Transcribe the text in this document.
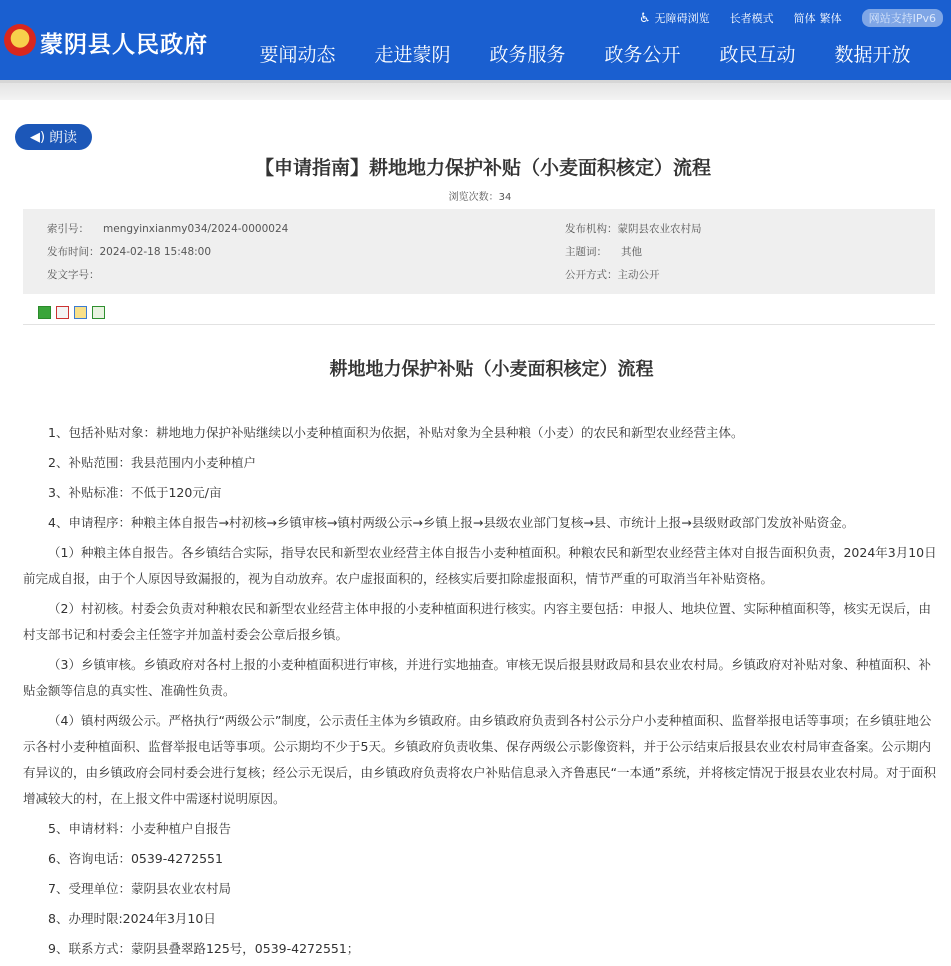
蒙阴县人民政府
♿ 无障碍浏览 长者模式 简体 繁体	网站支持IPv6
要闻动态	走进蒙阴	政务服务	政务公开	政民互动	数据开放
◀) 朗读
【申请指南】耕地地力保护补贴（小麦面积核定）流程
浏览次数：34
索引号： mengyinxianmy034/2024-0000024	发布机构：蒙阴县农业农村局
发布时间：2024-02-18 15:48:00	主题词： 其他
发文字号：	公开方式：主动公开
耕地地力保护补贴（小麦面积核定）流程

1、包括补贴对象：耕地地力保护补贴继续以小麦种植面积为依据，补贴对象为全县种粮（小麦）的农民和新型农业经营主体。

2、补贴范围：我县范围内小麦种植户

3、补贴标准：不低于120元/亩

4、申请程序：种粮主体自报告→村初核→乡镇审核→镇村两级公示→乡镇上报→县级农业部门复核→县、市统计上报→县级财政部门发放补贴资金。

（1）种粮主体自报告。各乡镇结合实际，指导农民和新型农业经营主体自报告小麦种植面积。种粮农民和新型农业经营主体对自报告面积负责，2024年3月10日前完成自报，由于个人原因导致漏报的，视为自动放弃。农户虚报面积的，经核实后要扣除虚报面积，情节严重的可取消当年补贴资格。

（2）村初核。村委会负责对种粮农民和新型农业经营主体申报的小麦种植面积进行核实。内容主要包括：申报人、地块位置、实际种植面积等，核实无误后，由村支部书记和村委会主任签字并加盖村委会公章后报乡镇。

（3）乡镇审核。乡镇政府对各村上报的小麦种植面积进行审核，并进行实地抽查。审核无误后报县财政局和县农业农村局。乡镇政府对补贴对象、种植面积、补贴金额等信息的真实性、准确性负责。

（4）镇村两级公示。严格执行“两级公示”制度，公示责任主体为乡镇政府。由乡镇政府负责到各村公示分户小麦种植面积、监督举报电话等事项；在乡镇驻地公示各村小麦种植面积、监督举报电话等事项。公示期均不少于5天。乡镇政府负责收集、保存两级公示影像资料，并于公示结束后报县农业农村局审查备案。公示期内有异议的，由乡镇政府会同村委会进行复核；经公示无误后，由乡镇政府负责将农户补贴信息录入齐鲁惠民“一本通”系统，并将核定情况于报县农业农村局。对于面积增减较大的村，在上报文件中需逐村说明原因。

5、申请材料：小麦种植户自报告

6、咨询电话：0539-4272551

7、受理单位：蒙阴县农业农村局

8、办理时限:2024年3月10日

9、联系方式：蒙阴县叠翠路125号，0539-4272551；
